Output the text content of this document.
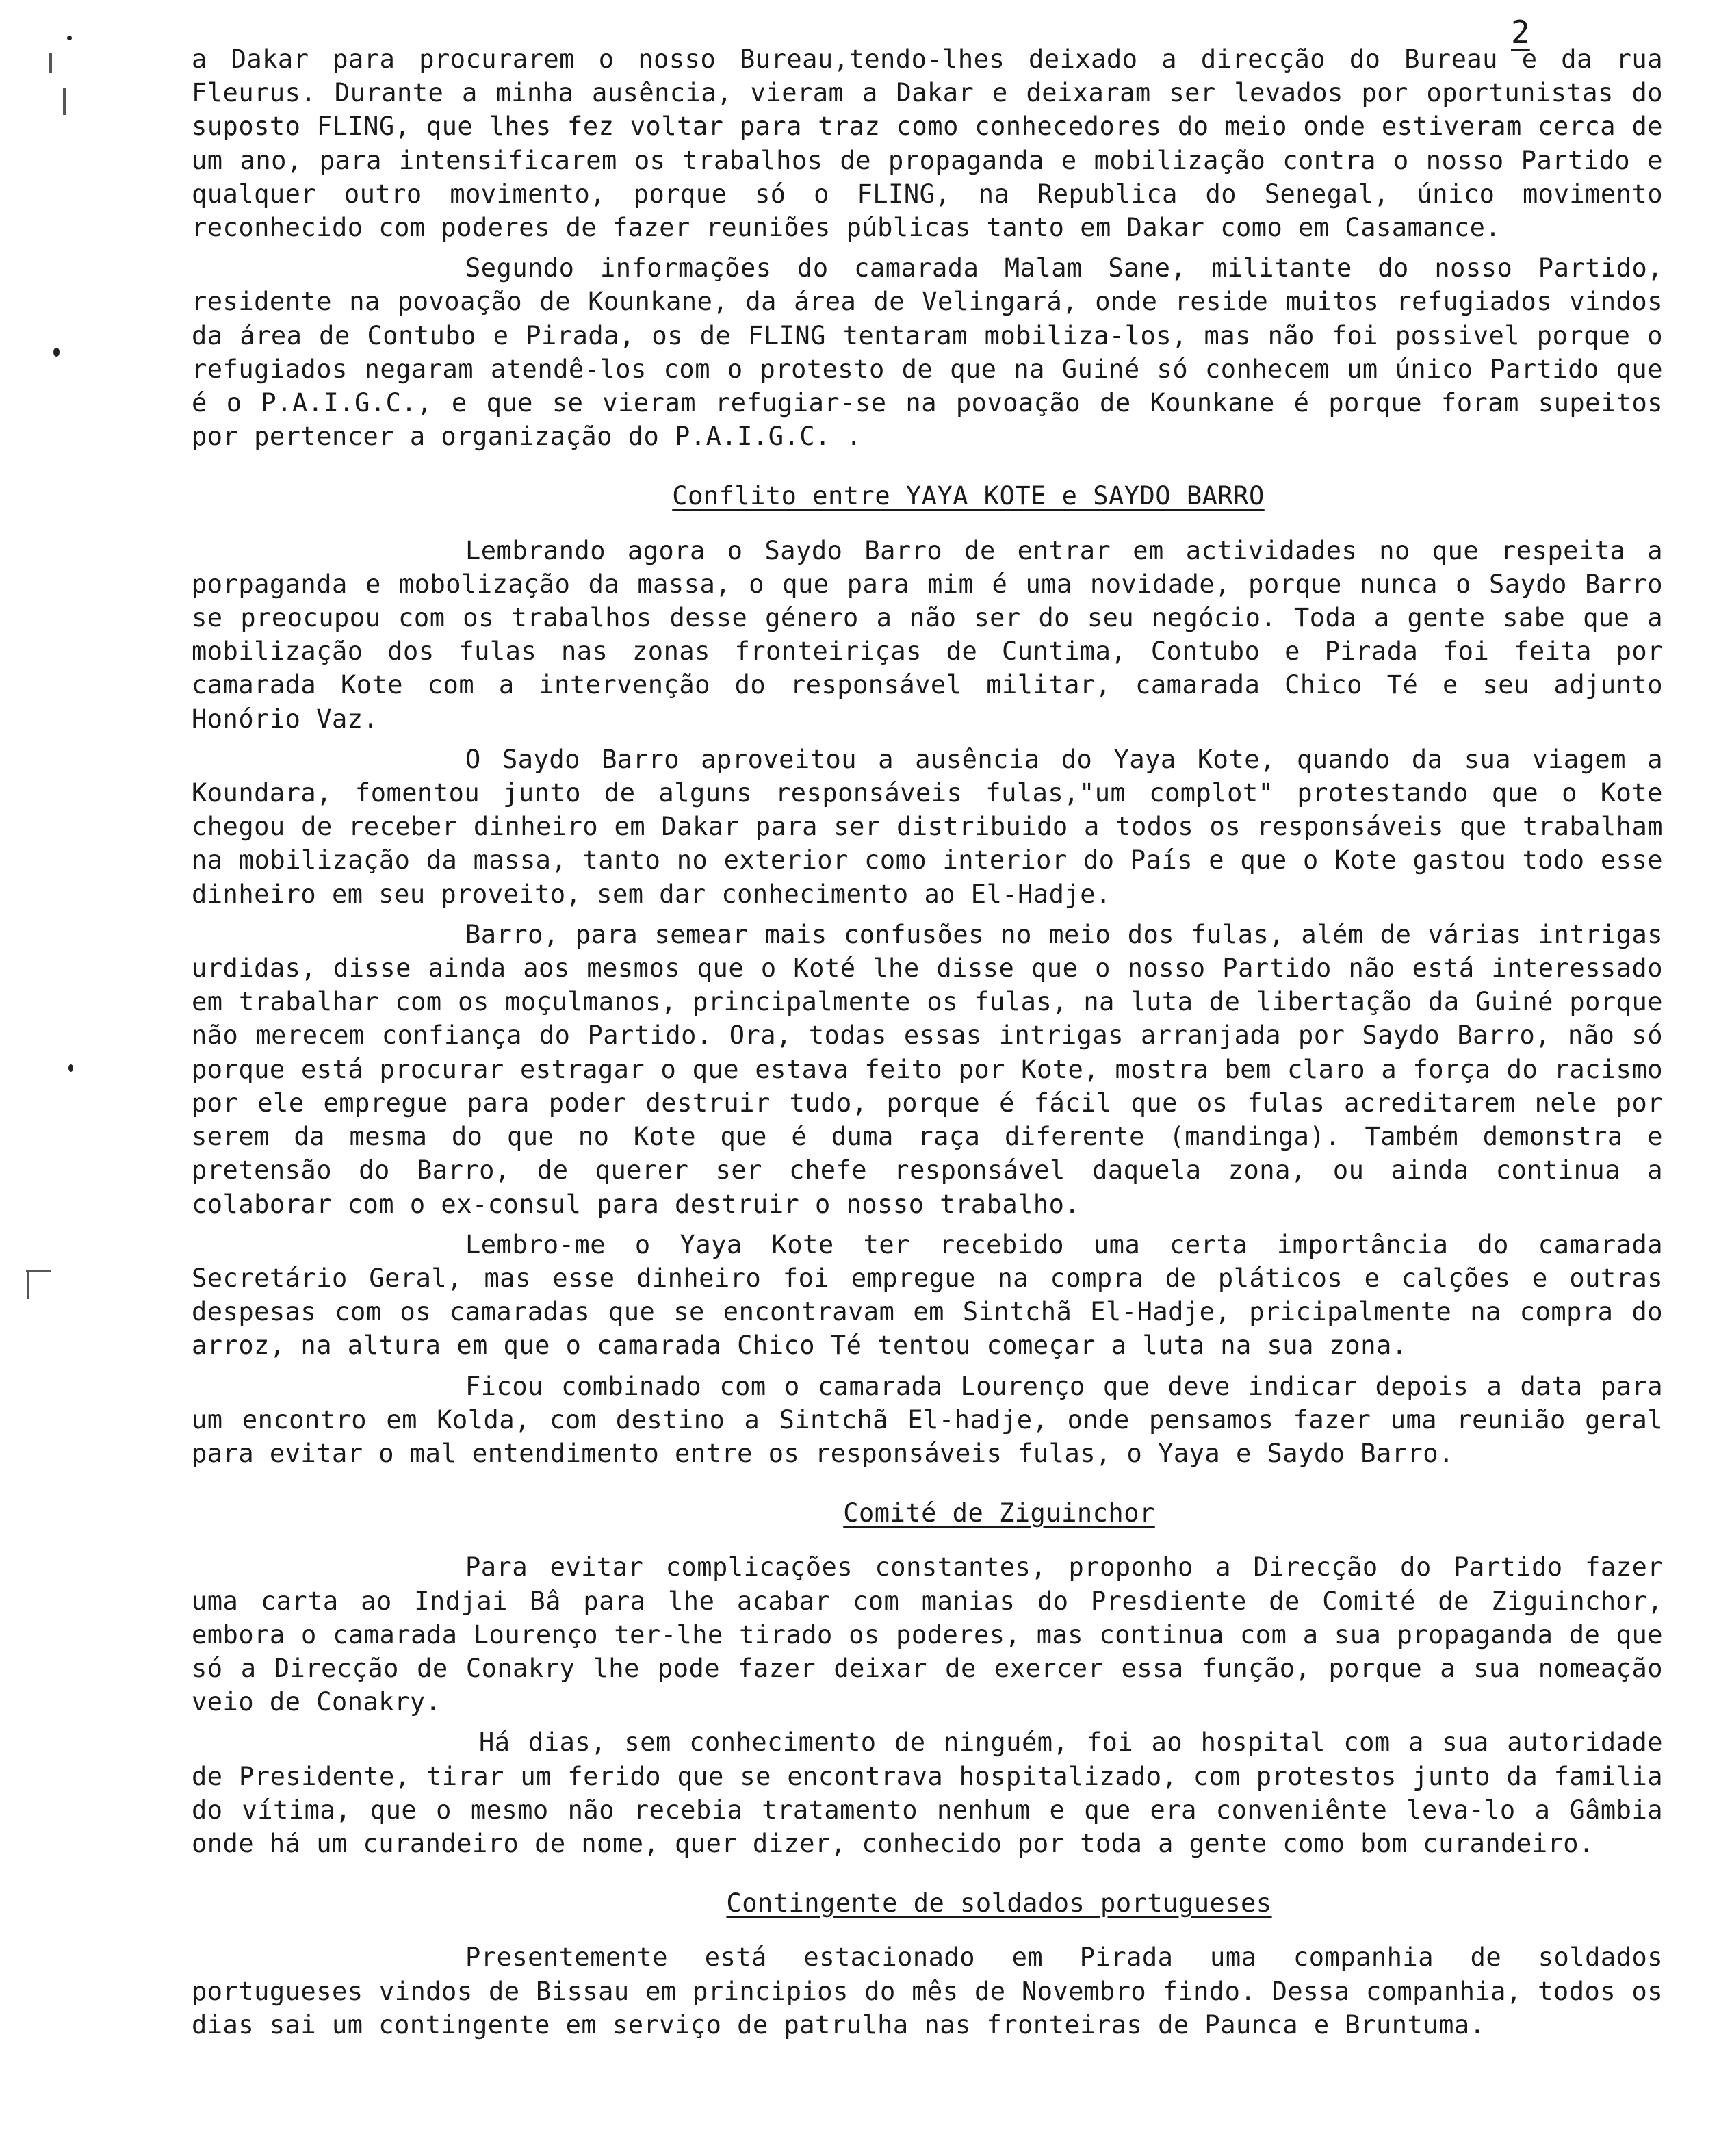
2

a Dakar para procurarem o nosso Bureau,tendo-lhes deixado a direcção do Bureau e da rua Fleurus. Durante a minha ausência, vieram a Dakar e deixaram ser levados por oportunistas do suposto FLING, que lhes fez voltar para traz como conhecedores do meio onde estiveram cerca de um ano, para intensificarem os trabalhos de propaganda e mobilização contra o nosso Partido e qualquer outro movimento, porque só o FLING, na Republica do Senegal, único movimento reconhecido com poderes de fazer reuniões públicas tanto em Dakar como em Casamance.

Segundo informações do camarada Malam Sane, militante do nosso Partido, residente na povoação de Kounkane, da área de Velingará, onde reside muitos refugiados vindos da área de Contubo e Pirada, os de FLING tentaram mobiliza-los, mas não foi possivel porque o refugiados negaram atendê-los com o protesto de que na Guiné só conhecem um único Partido que é o P.A.I.G.C., e que se vieram refugiar-se na povoação de Kounkane é porque foram supeitos por pertencer a organização do P.A.I.G.C. .

Conflito entre YAYA KOTE e SAYDO BARRO

Lembrando agora o Saydo Barro de entrar em actividades no que respeita a porpaganda e mobolização da massa, o que para mim é uma novidade, porque nunca o Saydo Barro se preocupou com os trabalhos desse género a não ser do seu negócio. Toda a gente sabe que a mobilização dos fulas nas zonas fronteiriças de Cuntima, Contubo e Pirada foi feita por camarada Kote com a intervenção do responsável militar, camarada Chico Té e seu adjunto Honório Vaz.

O Saydo Barro aproveitou a ausência do Yaya Kote, quando da sua viagem a Koundara, fomentou junto de alguns responsáveis fulas,"um complot" protestando que o Kote chegou de receber dinheiro em Dakar para ser distribuido a todos os responsáveis que trabalham na mobilização da massa, tanto no exterior como interior do País e que o Kote gastou todo esse dinheiro em seu proveito, sem dar conhecimento ao El-Hadje.

Barro, para semear mais confusões no meio dos fulas, além de várias intrigas urdidas, disse ainda aos mesmos que o Koté lhe disse que o nosso Partido não está interessado em trabalhar com os moçulmanos, principalmente os fulas, na luta de libertação da Guiné porque não merecem confiança do Partido. Ora, todas essas intrigas arranjada por Saydo Barro, não só porque está procurar estragar o que estava feito por Kote, mostra bem claro a força do racismo por ele empregue para poder destruir tudo, porque é fácil que os fulas acreditarem nele por serem da mesma do que no Kote que é duma raça diferente (mandinga). Também demonstra e pretensão do Barro, de querer ser chefe responsável daquela zona, ou ainda continua a colaborar com o ex-consul para destruir o nosso trabalho.

Lembro-me o Yaya Kote ter recebido uma certa importância do camarada Secretário Geral, mas esse dinheiro foi empregue na compra de pláticos e calções e outras despesas com os camaradas que se encontravam em Sintchã El-Hadje, pricipalmente na compra do arroz, na altura em que o camarada Chico Té tentou começar a luta na sua zona.

Ficou combinado com o camarada Lourenço que deve indicar depois a data para um encontro em Kolda, com destino a Sintchã El-hadje, onde pensamos fazer uma reunião geral para evitar o mal entendimento entre os responsáveis fulas, o Yaya e Saydo Barro.

Comité de Ziguinchor

Para evitar complicações constantes, proponho a Direcção do Partido fazer uma carta ao Indjai Bâ para lhe acabar com manias do Presdiente de Comité de Ziguinchor, embora o camarada Lourenço ter-lhe tirado os poderes, mas continua com a sua propaganda de que só a Direcção de Conakry lhe pode fazer deixar de exercer essa função, porque a sua nomeação veio de Conakry.

Há dias, sem conhecimento de ninguém, foi ao hospital com a sua autoridade de Presidente, tirar um ferido que se encontrava hospitalizado, com protestos junto da familia do vítima, que o mesmo não recebia tratamento nenhum e que era conveniênte leva-lo a Gâmbia onde há um curandeiro de nome, quer dizer, conhecido por toda a gente como bom curandeiro.

Contingente de soldados portugueses

Presentemente está estacionado em Pirada uma companhia de soldados portugueses vindos de Bissau em principios do mês de Novembro findo. Dessa companhia, todos os dias sai um contingente em serviço de patrulha nas fronteiras de Paunca e Bruntuma.
